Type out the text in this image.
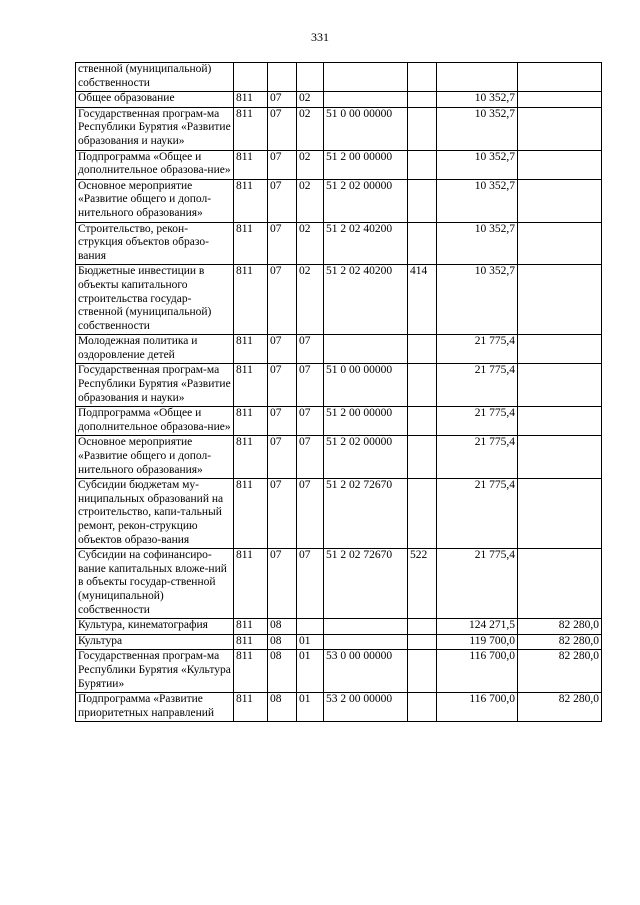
331
ственной (муниципальной) собственности							
Общее образование	811	07	02			10 352,7	
Государственная програм-ма Республики Бурятия «Развитие образования и науки»	811	07	02	51 0 00 00000		10 352,7	
Подпрограмма «Общее и дополнительное образова-ние»	811	07	02	51 2 00 00000		10 352,7	
Основное мероприятие «Развитие общего и допол-нительного образования»	811	07	02	51 2 02 00000		10 352,7	
Строительство, рекон-струкция объектов образо-вания	811	07	02	51 2 02 40200		10 352,7	
Бюджетные инвестиции в объекты капитального строительства государ-ственной (муниципальной) собственности	811	07	02	51 2 02 40200	414	10 352,7	
Молодежная политика и оздоровление детей	811	07	07			21 775,4	
Государственная програм-ма Республики Бурятия «Развитие образования и науки»	811	07	07	51 0 00 00000		21 775,4	
Подпрограмма «Общее и дополнительное образова-ние»	811	07	07	51 2 00 00000		21 775,4	
Основное мероприятие «Развитие общего и допол-нительного образования»	811	07	07	51 2 02 00000		21 775,4	
Субсидии бюджетам му-ниципальных образований на строительство, капи-тальный ремонт, рекон-струкцию объектов образо-вания	811	07	07	51 2 02 72670		21 775,4	
Субсидии на софинансиро-вание капитальных вложе-ний в объекты государ-ственной (муниципальной) собственности	811	07	07	51 2 02 72670	522	21 775,4	
Культура, кинематография	811	08				124 271,5	82 280,0
Культура	811	08	01			119 700,0	82 280,0
Государственная програм-ма Республики Бурятия «Культура Бурятии»	811	08	01	53 0 00 00000		116 700,0	82 280,0
Подпрограмма «Развитие приоритетных направлений	811	08	01	53 2 00 00000		116 700,0	82 280,0
